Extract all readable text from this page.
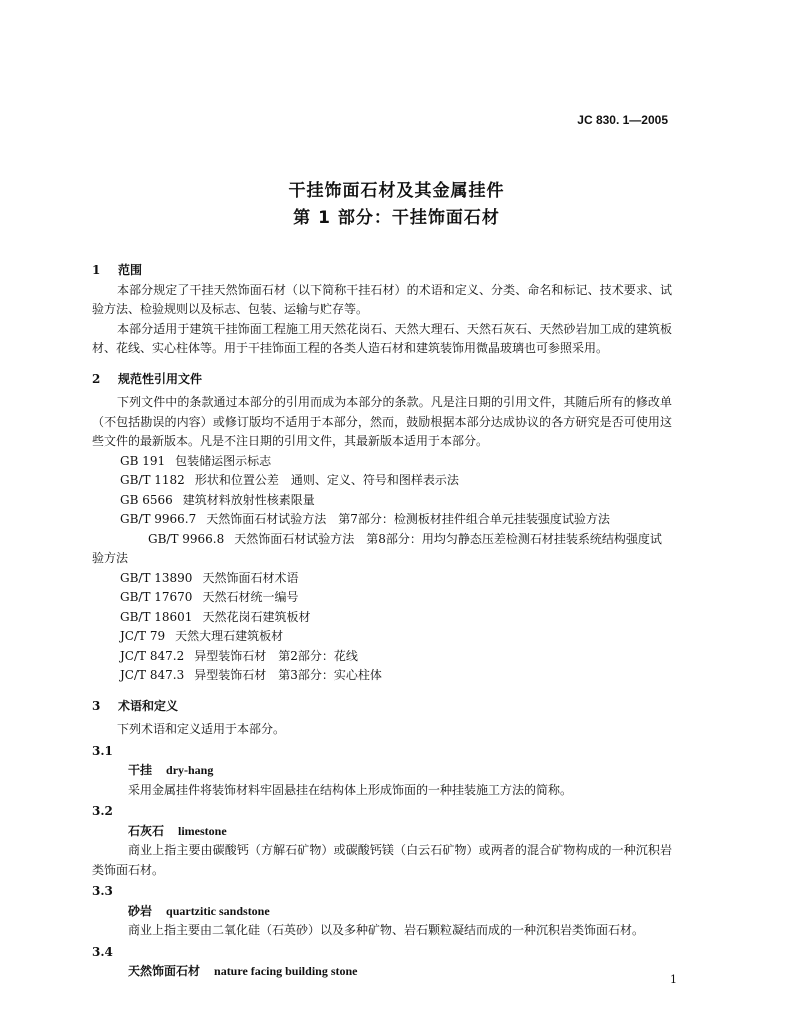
JC 830. 1—2005
干挂饰面石材及其金属挂件
第 1 部分：干挂饰面石材
1 范围
本部分规定了干挂天然饰面石材（以下简称干挂石材）的术语和定义、分类、命名和标记、技术要求、试验方法、检验规则以及标志、包装、运输与贮存等。
本部分适用于建筑干挂饰面工程施工用天然花岗石、天然大理石、天然石灰石、天然砂岩加工成的建筑板材、花线、实心柱体等。用于干挂饰面工程的各类人造石材和建筑装饰用微晶玻璃也可参照采用。
2 规范性引用文件
下列文件中的条款通过本部分的引用而成为本部分的条款。凡是注日期的引用文件，其随后所有的修改单（不包括勘误的内容）或修订版均不适用于本部分，然而，鼓励根据本部分达成协议的各方研究是否可使用这些文件的最新版本。凡是不注日期的引用文件，其最新版本适用于本部分。
GB 191 包装储运图示标志
GB/T 1182 形状和位置公差　通则、定义、符号和图样表示法
GB 6566 建筑材料放射性核素限量
GB/T 9966.7 天然饰面石材试验方法　第7部分：检测板材挂件组合单元挂装强度试验方法
GB/T 9966.8 天然饰面石材试验方法　第8部分：用均匀静态压差检测石材挂装系统结构强度试验方法
GB/T 13890 天然饰面石材术语
GB/T 17670 天然石材统一编号
GB/T 18601 天然花岗石建筑板材
JC/T 79 天然大理石建筑板材
JC/T 847.2 异型装饰石材　第2部分：花线
JC/T 847.3 异型装饰石材　第3部分：实心柱体
3 术语和定义
下列术语和定义适用于本部分。
3.1
干挂 dry-hang
采用金属挂件将装饰材料牢固悬挂在结构体上形成饰面的一种挂装施工方法的简称。
3.2
石灰石 limestone
商业上指主要由碳酸钙（方解石矿物）或碳酸钙镁（白云石矿物）或两者的混合矿物构成的一种沉积岩类饰面石材。
3.3
砂岩 quartzitic sandstone
商业上指主要由二氧化硅（石英砂）以及多种矿物、岩石颗粒凝结而成的一种沉积岩类饰面石材。
3.4
天然饰面石材 nature facing building stone
1
